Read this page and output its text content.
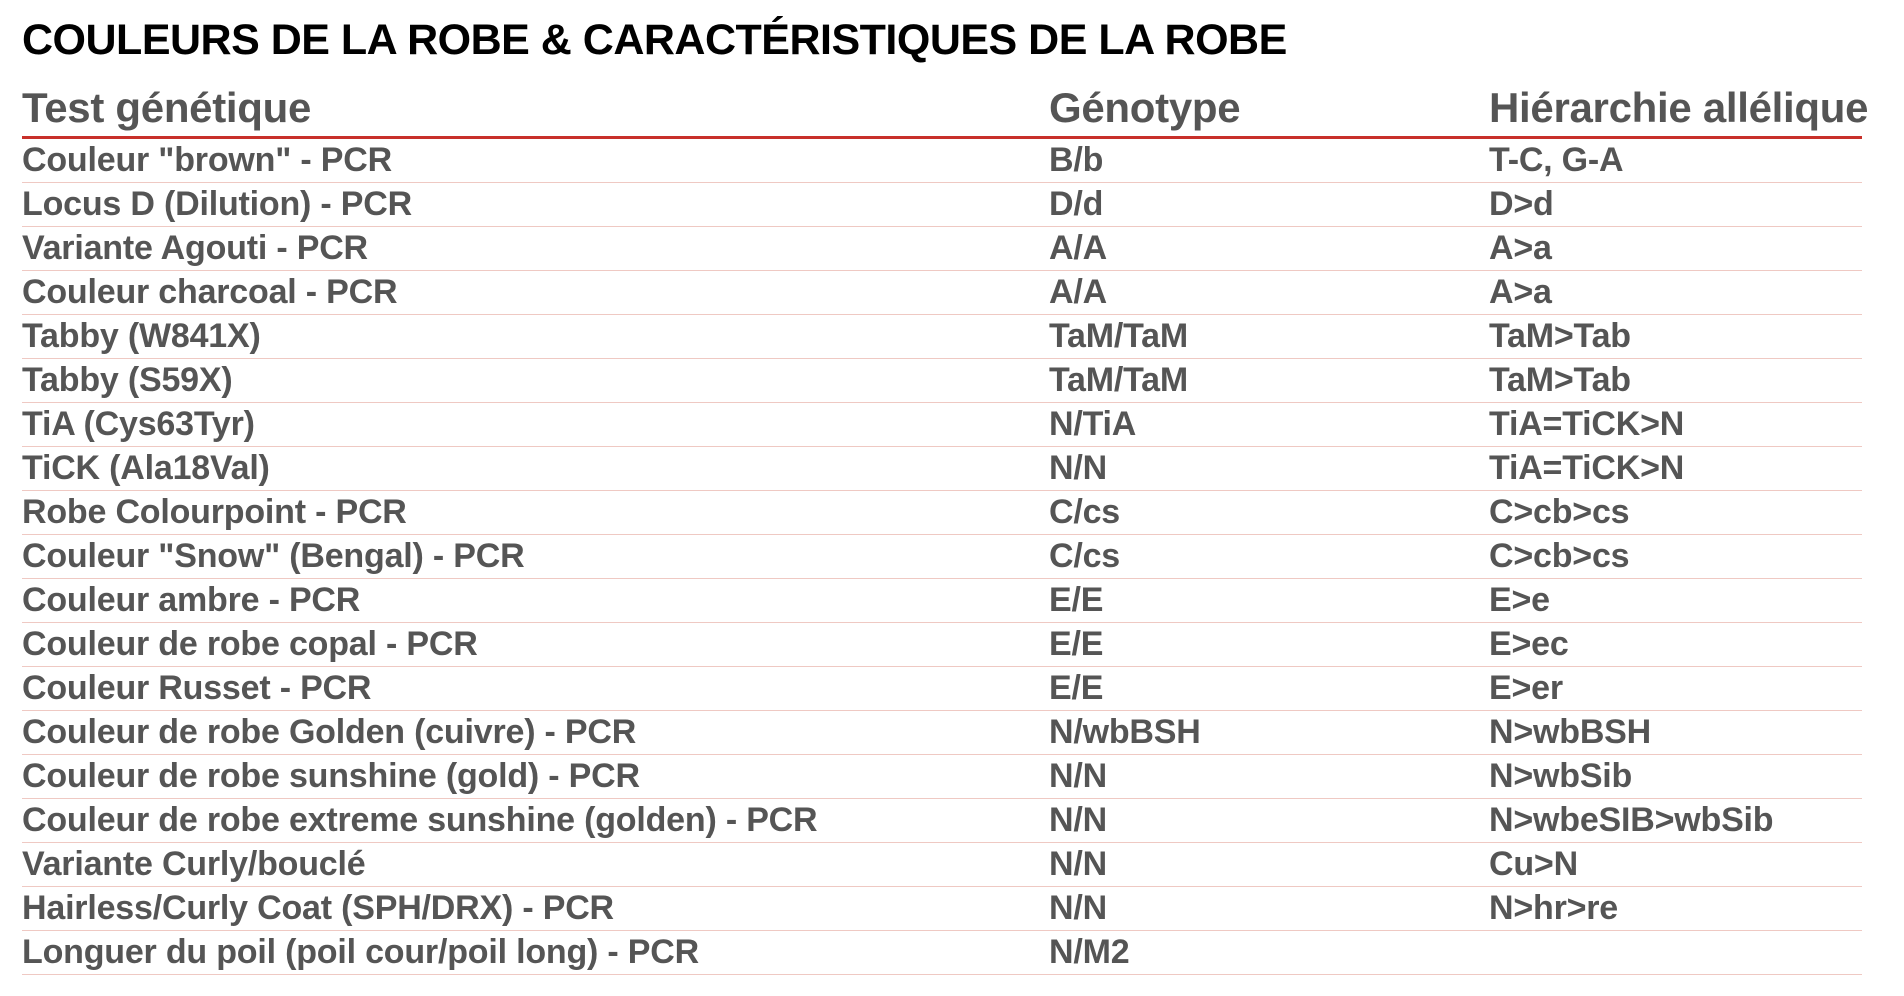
COULEURS DE LA ROBE & CARACTÉRISTIQUES DE LA ROBE
Test génétique	Génotype	Hiérarchie allélique
Couleur "brown" - PCR	B/b	T-C, G-A
Locus D (Dilution) - PCR	D/d	D>d
Variante Agouti - PCR	A/A	A>a
Couleur charcoal - PCR	A/A	A>a
Tabby (W841X)	TaM/TaM	TaM>Tab
Tabby (S59X)	TaM/TaM	TaM>Tab
TiA (Cys63Tyr)	N/TiA	TiA=TiCK>N
TiCK (Ala18Val)	N/N	TiA=TiCK>N
Robe Colourpoint - PCR	C/cs	C>cb>cs
Couleur "Snow" (Bengal) - PCR	C/cs	C>cb>cs
Couleur ambre - PCR	E/E	E>e
Couleur de robe copal - PCR	E/E	E>ec
Couleur Russet - PCR	E/E	E>er
Couleur de robe Golden (cuivre) - PCR	N/wbBSH	N>wbBSH
Couleur de robe sunshine (gold) - PCR	N/N	N>wbSib
Couleur de robe extreme sunshine (golden) - PCR	N/N	N>wbeSIB>wbSib
Variante Curly/bouclé	N/N	Cu>N
Hairless/Curly Coat (SPH/DRX) - PCR	N/N	N>hr>re
Longuer du poil (poil cour/poil long) - PCR	N/M2	
